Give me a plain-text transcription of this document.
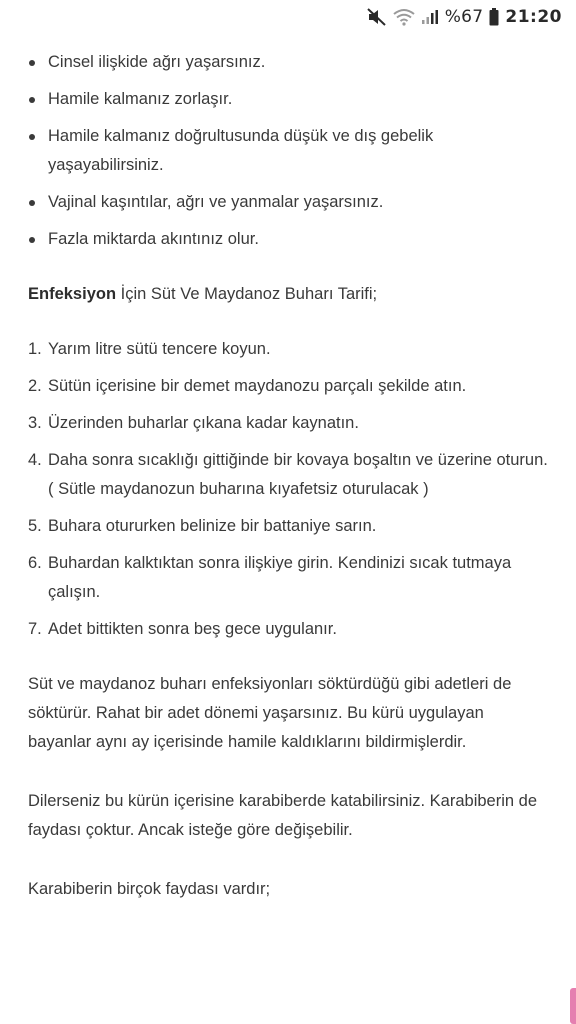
%67 21:20
Cinsel ilişkide ağrı yaşarsınız.
Hamile kalmanız zorlaşır.
Hamile kalmanız doğrultusunda düşük ve dış gebelik yaşayabilirsiniz.
Vajinal kaşıntılar, ağrı ve yanmalar yaşarsınız.
Fazla miktarda akıntınız olur.

Enfeksiyon İçin Süt Ve Maydanoz Buharı Tarifi;

1. Yarım litre sütü tencere koyun.
2. Sütün içerisine bir demet maydanozu parçalı şekilde atın.
3. Üzerinden buharlar çıkana kadar kaynatın.
4. Daha sonra sıcaklığı gittiğinde bir kovaya boşaltın ve üzerine oturun. ( Sütle maydanozun buharına kıyafetsiz oturulacak )
5. Buhara otururken belinize bir battaniye sarın.
6. Buhardan kalktıktan sonra ilişkiye girin. Kendinizi sıcak tutmaya çalışın.
7. Adet bittikten sonra beş gece uygulanır.

Süt ve maydanoz buharı enfeksiyonları söktürdüğü gibi adetleri de söktürür. Rahat bir adet dönemi yaşarsınız. Bu kürü uygulayan bayanlar aynı ay içerisinde hamile kaldıklarını bildirmişlerdir.

Dilerseniz bu kürün içerisine karabiberde katabilirsiniz. Karabiberin de faydası çoktur. Ancak isteğe göre değişebilir.

Karabiberin birçok faydası vardır;
